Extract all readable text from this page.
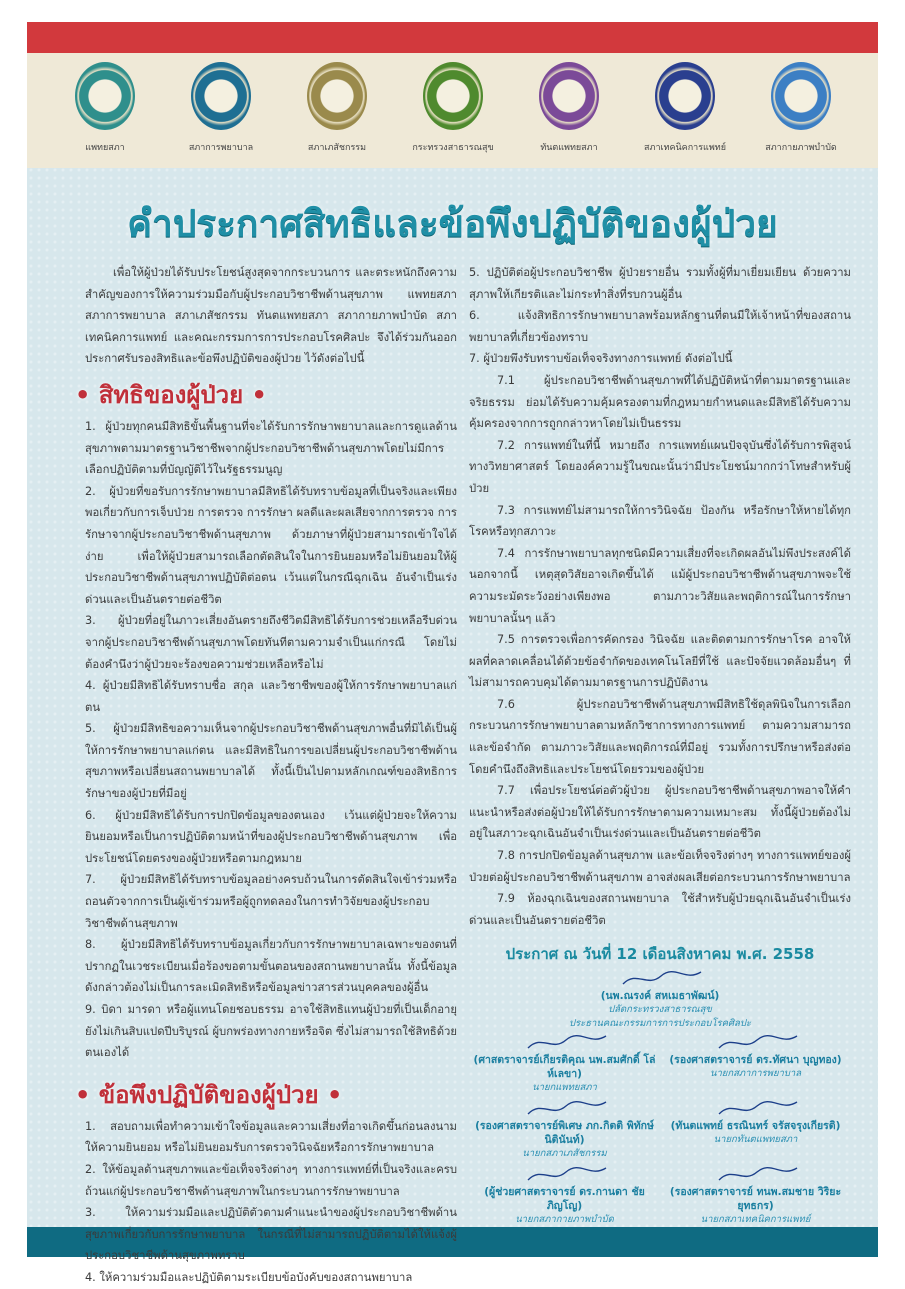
แพทยสภา	สภาการพยาบาล	สภาเภสัชกรรม	กระทรวงสาธารณสุข	ทันตแพทยสภา	สภาเทคนิคการแพทย์	สภากายภาพบำบัด
คำประกาศสิทธิและข้อพึงปฏิบัติของผู้ป่วย

เพื่อให้ผู้ป่วยได้รับประโยชน์สูงสุดจากกระบวนการ และตระหนักถึงความสำคัญของการให้ความร่วมมือกับผู้ประกอบวิชาชีพด้านสุขภาพ แพทยสภา สภาการพยาบาล สภาเภสัชกรรม ทันตแพทยสภา สภากายภาพบำบัด สภาเทคนิคการแพทย์ และคณะกรรมการการประกอบโรคศิลปะ จึงได้ร่วมกันออกประกาศรับรองสิทธิและข้อพึงปฏิบัติของผู้ป่วย ไว้ดังต่อไปนี้

• สิทธิของผู้ป่วย •

1. ผู้ป่วยทุกคนมีสิทธิขั้นพื้นฐานที่จะได้รับการรักษาพยาบาลและการดูแลด้านสุขภาพตามมาตรฐานวิชาชีพจากผู้ประกอบวิชาชีพด้านสุขภาพโดยไม่มีการเลือกปฏิบัติตามที่บัญญัติไว้ในรัฐธรรมนูญ

2. ผู้ป่วยที่ขอรับการรักษาพยาบาลมีสิทธิได้รับทราบข้อมูลที่เป็นจริงและเพียงพอเกี่ยวกับการเจ็บป่วย การตรวจ การรักษา ผลดีและผลเสียจากการตรวจ การรักษาจากผู้ประกอบวิชาชีพด้านสุขภาพ ด้วยภาษาที่ผู้ป่วยสามารถเข้าใจได้ง่าย เพื่อให้ผู้ป่วยสามารถเลือกตัดสินใจในการยินยอมหรือไม่ยินยอมให้ผู้ประกอบวิชาชีพด้านสุขภาพปฏิบัติต่อตน เว้นแต่ในกรณีฉุกเฉิน อันจำเป็นเร่งด่วนและเป็นอันตรายต่อชีวิต

3. ผู้ป่วยที่อยู่ในภาวะเสี่ยงอันตรายถึงชีวิตมีสิทธิได้รับการช่วยเหลือรีบด่วนจากผู้ประกอบวิชาชีพด้านสุขภาพโดยทันทีตามความจำเป็นแก่กรณี โดยไม่ต้องคำนึงว่าผู้ป่วยจะร้องขอความช่วยเหลือหรือไม่

4. ผู้ป่วยมีสิทธิได้รับทราบชื่อ สกุล และวิชาชีพของผู้ให้การรักษาพยาบาลแก่ตน

5. ผู้ป่วยมีสิทธิขอความเห็นจากผู้ประกอบวิชาชีพด้านสุขภาพอื่นที่มิได้เป็นผู้ให้การรักษาพยาบาลแก่ตน และมีสิทธิในการขอเปลี่ยนผู้ประกอบวิชาชีพด้านสุขภาพหรือเปลี่ยนสถานพยาบาลได้ ทั้งนี้เป็นไปตามหลักเกณฑ์ของสิทธิการรักษาของผู้ป่วยที่มีอยู่

6. ผู้ป่วยมีสิทธิได้รับการปกปิดข้อมูลของตนเอง เว้นแต่ผู้ป่วยจะให้ความยินยอมหรือเป็นการปฏิบัติตามหน้าที่ของผู้ประกอบวิชาชีพด้านสุขภาพ เพื่อประโยชน์โดยตรงของผู้ป่วยหรือตามกฎหมาย

7. ผู้ป่วยมีสิทธิได้รับทราบข้อมูลอย่างครบถ้วนในการตัดสินใจเข้าร่วมหรือถอนตัวจากการเป็นผู้เข้าร่วมหรือผู้ถูกทดลองในการทำวิจัยของผู้ประกอบวิชาชีพด้านสุขภาพ

8. ผู้ป่วยมีสิทธิได้รับทราบข้อมูลเกี่ยวกับการรักษาพยาบาลเฉพาะของตนที่ปรากฏในเวชระเบียนเมื่อร้องขอตามขั้นตอนของสถานพยาบาลนั้น ทั้งนี้ข้อมูลดังกล่าวต้องไม่เป็นการละเมิดสิทธิหรือข้อมูลข่าวสารส่วนบุคคลของผู้อื่น

9. บิดา มารดา หรือผู้แทนโดยชอบธรรม อาจใช้สิทธิแทนผู้ป่วยที่เป็นเด็กอายุยังไม่เกินสิบแปดปีบริบูรณ์ ผู้บกพร่องทางกายหรือจิต ซึ่งไม่สามารถใช้สิทธิด้วยตนเองได้

• ข้อพึงปฏิบัติของผู้ป่วย •

1. สอบถามเพื่อทำความเข้าใจข้อมูลและความเสี่ยงที่อาจเกิดขึ้นก่อนลงนามให้ความยินยอม หรือไม่ยินยอมรับการตรวจวินิจฉัยหรือการรักษาพยาบาล

2. ให้ข้อมูลด้านสุขภาพและข้อเท็จจริงต่างๆ ทางการแพทย์ที่เป็นจริงและครบถ้วนแก่ผู้ประกอบวิชาชีพด้านสุขภาพในกระบวนการรักษาพยาบาล

3. ให้ความร่วมมือและปฏิบัติตัวตามคำแนะนำของผู้ประกอบวิชาชีพด้านสุขภาพเกี่ยวกับการรักษาพยาบาล ในกรณีที่ไม่สามารถปฏิบัติตามได้ให้แจ้งผู้ประกอบวิชาชีพด้านสุขภาพทราบ

4. ให้ความร่วมมือและปฏิบัติตามระเบียบข้อบังคับของสถานพยาบาล

5. ปฏิบัติต่อผู้ประกอบวิชาชีพ ผู้ป่วยรายอื่น รวมทั้งผู้ที่มาเยี่ยมเยียน ด้วยความสุภาพให้เกียรติและไม่กระทำสิ่งที่รบกวนผู้อื่น

6. แจ้งสิทธิการรักษาพยาบาลพร้อมหลักฐานที่ตนมีให้เจ้าหน้าที่ของสถานพยาบาลที่เกี่ยวข้องทราบ

7. ผู้ป่วยพึงรับทราบข้อเท็จจริงทางการแพทย์ ดังต่อไปนี้

7.1 ผู้ประกอบวิชาชีพด้านสุขภาพที่ได้ปฏิบัติหน้าที่ตามมาตรฐานและจริยธรรม ย่อมได้รับความคุ้มครองตามที่กฎหมายกำหนดและมีสิทธิได้รับความคุ้มครองจากการถูกกล่าวหาโดยไม่เป็นธรรม

7.2 การแพทย์ในที่นี้ หมายถึง การแพทย์แผนปัจจุบันซึ่งได้รับการพิสูจน์ทางวิทยาศาสตร์ โดยองค์ความรู้ในขณะนั้นว่ามีประโยชน์มากกว่าโทษสำหรับผู้ป่วย

7.3 การแพทย์ไม่สามารถให้การวินิจฉัย ป้องกัน หรือรักษาให้หายได้ทุกโรคหรือทุกสภาวะ

7.4 การรักษาพยาบาลทุกชนิดมีความเสี่ยงที่จะเกิดผลอันไม่พึงประสงค์ได้ นอกจากนี้ เหตุสุดวิสัยอาจเกิดขึ้นได้ แม้ผู้ประกอบวิชาชีพด้านสุขภาพจะใช้ความระมัดระวังอย่างเพียงพอ ตามภาวะวิสัยและพฤติการณ์ในการรักษาพยาบาลนั้นๆ แล้ว

7.5 การตรวจเพื่อการคัดกรอง วินิจฉัย และติดตามการรักษาโรค อาจให้ผลที่คลาดเคลื่อนได้ด้วยข้อจำกัดของเทคโนโลยีที่ใช้ และปัจจัยแวดล้อมอื่นๆ ที่ไม่สามารถควบคุมได้ตามมาตรฐานการปฏิบัติงาน

7.6 ผู้ประกอบวิชาชีพด้านสุขภาพมีสิทธิใช้ดุลพินิจในการเลือกกระบวนการรักษาพยาบาลตามหลักวิชาการทางการแพทย์ ตามความสามารถและข้อจำกัด ตามภาวะวิสัยและพฤติการณ์ที่มีอยู่ รวมทั้งการปรึกษาหรือส่งต่อโดยคำนึงถึงสิทธิและประโยชน์โดยรวมของผู้ป่วย

7.7 เพื่อประโยชน์ต่อตัวผู้ป่วย ผู้ประกอบวิชาชีพด้านสุขภาพอาจให้คำแนะนำหรือส่งต่อผู้ป่วยให้ได้รับการรักษาตามความเหมาะสม ทั้งนี้ผู้ป่วยต้องไม่อยู่ในสภาวะฉุกเฉินอันจำเป็นเร่งด่วนและเป็นอันตรายต่อชีวิต

7.8 การปกปิดข้อมูลด้านสุขภาพ และข้อเท็จจริงต่างๆ ทางการแพทย์ของผู้ป่วยต่อผู้ประกอบวิชาชีพด้านสุขภาพ อาจส่งผลเสียต่อกระบวนการรักษาพยาบาล

7.9 ห้องฉุกเฉินของสถานพยาบาล ใช้สำหรับผู้ป่วยฉุกเฉินอันจำเป็นเร่งด่วนและเป็นอันตรายต่อชีวิต

ประกาศ ณ วันที่ 12 เดือนสิงหาคม พ.ศ. 2558
(นพ.ณรงค์ สหเมธาพัฒน์)
ปลัดกระทรวงสาธารณสุข
ประธานคณะกรรมการการประกอบโรคศิลปะ
(ศาสตราจารย์เกียรติคุณ นพ.สมศักดิ์ โล่ห์เลขา)
นายกแพทยสภา
(รองศาสตราจารย์ ดร.ทัศนา บุญทอง)
นายกสภาการพยาบาล
(รองศาสตราจารย์พิเศษ ภก.กิตติ พิทักษ์นิตินันท์)
นายกสภาเภสัชกรรม
(ทันตแพทย์ ธรณินทร์ จรัสจรุงเกียรติ)
นายกทันตแพทยสภา
(ผู้ช่วยศาสตราจารย์ ดร.กานดา ชัยภิญโญ)
นายกสภากายภาพบำบัด
(รองศาสตราจารย์ ทนพ.สมชาย วิริยะยุทธกร)
นายกสภาเทคนิคการแพทย์
